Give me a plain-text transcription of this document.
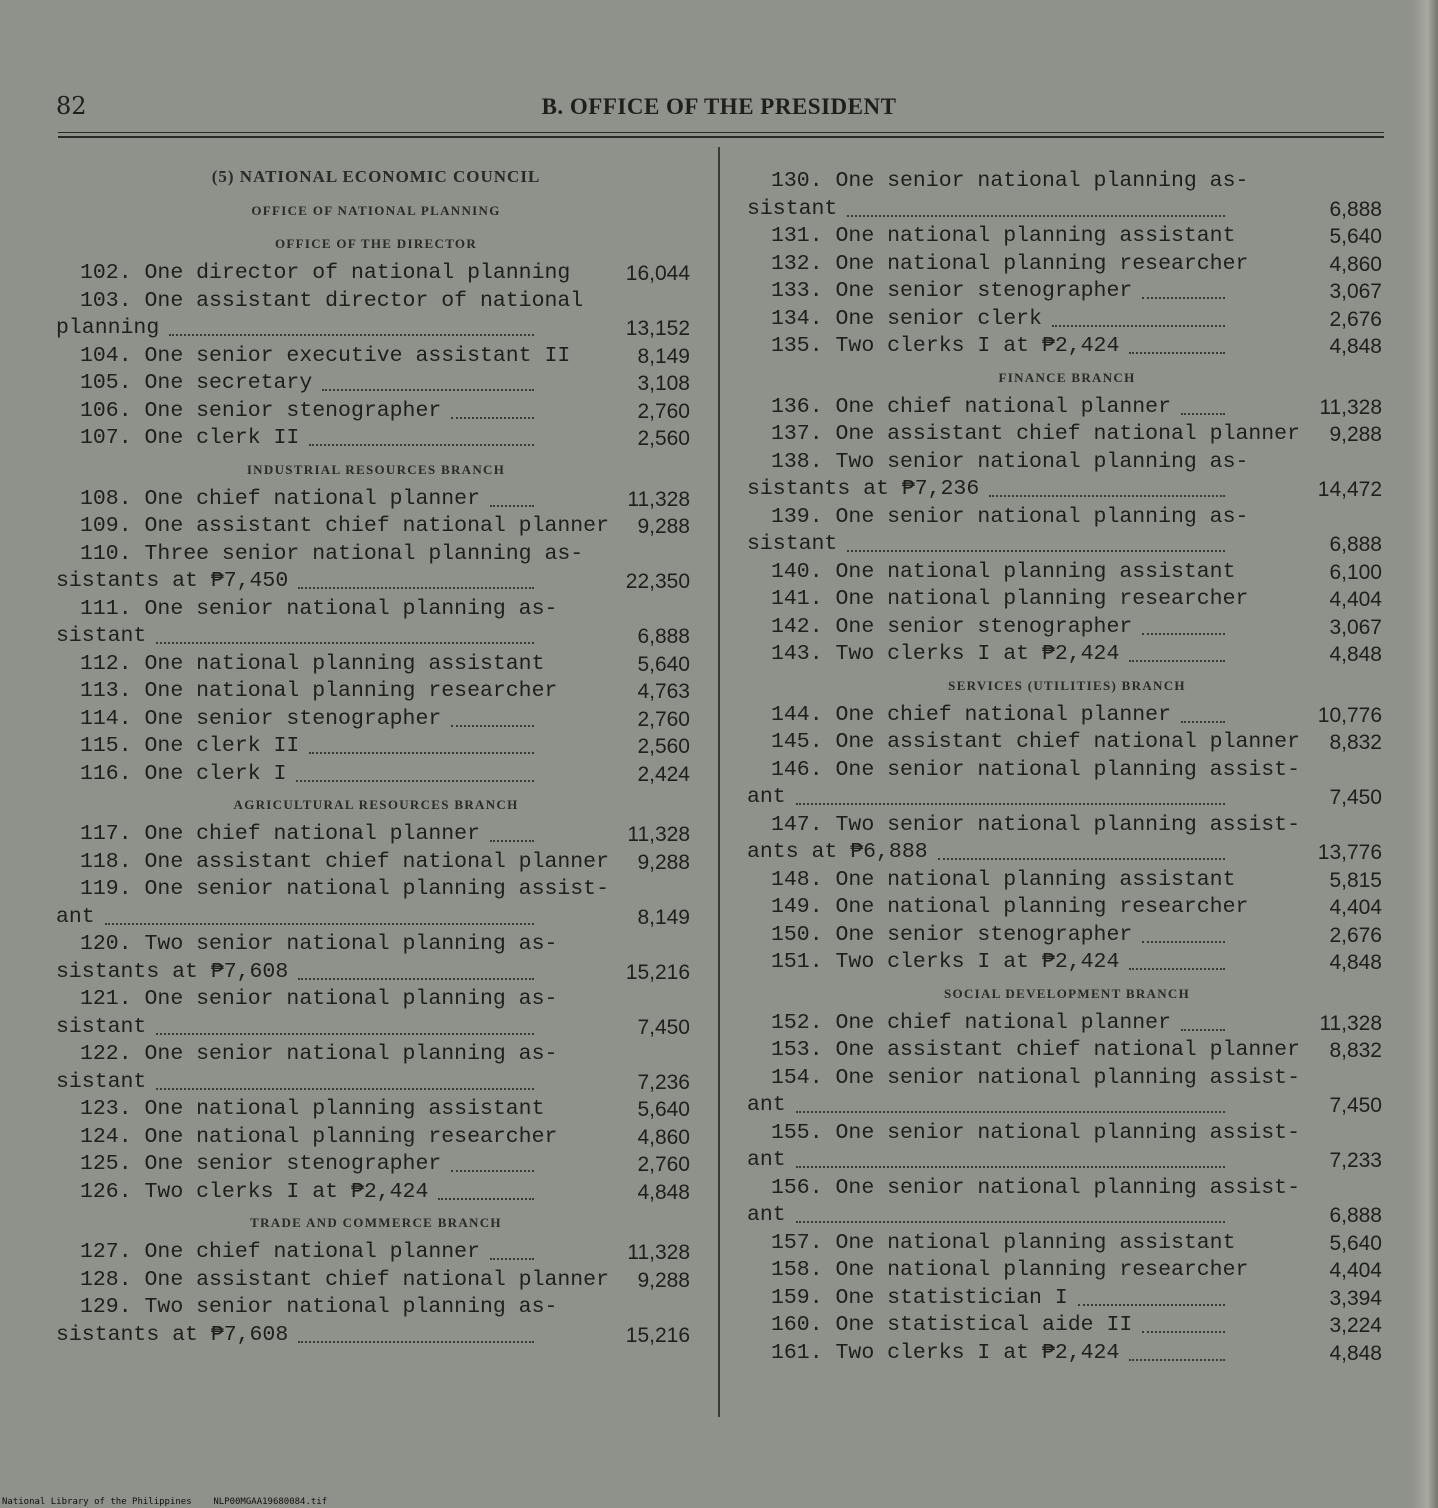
82	B. OFFICE OF THE PRESIDENT
(5) NATIONAL ECONOMIC COUNCIL
OFFICE OF NATIONAL PLANNING
OFFICE OF THE DIRECTOR
102. One director of national planning	16,044
103. One assistant director of national
planning	13,152
104. One senior executive assistant II	8,149
105. One secretary	3,108
106. One senior stenographer	2,760
107. One clerk II	2,560
INDUSTRIAL RESOURCES BRANCH
108. One chief national planner	11,328
109. One assistant chief national planner	9,288
110. Three senior national planning as-
sistants at ₱7,450	22,350
111. One senior national planning as-
sistant	6,888
112. One national planning assistant	5,640
113. One national planning researcher	4,763
114. One senior stenographer	2,760
115. One clerk II	2,560
116. One clerk I	2,424
AGRICULTURAL RESOURCES BRANCH
117. One chief national planner	11,328
118. One assistant chief national planner	9,288
119. One senior national planning assist-
ant	8,149
120. Two senior national planning as-
sistants at ₱7,608	15,216
121. One senior national planning as-
sistant	7,450
122. One senior national planning as-
sistant	7,236
123. One national planning assistant	5,640
124. One national planning researcher	4,860
125. One senior stenographer	2,760
126. Two clerks I at ₱2,424	4,848
TRADE AND COMMERCE BRANCH
127. One chief national planner	11,328
128. One assistant chief national planner	9,288
129. Two senior national planning as-
sistants at ₱7,608	15,216
130. One senior national planning as-
sistant	6,888
131. One national planning assistant	5,640
132. One national planning researcher	4,860
133. One senior stenographer	3,067
134. One senior clerk	2,676
135. Two clerks I at ₱2,424	4,848
FINANCE BRANCH
136. One chief national planner	11,328
137. One assistant chief national planner	9,288
138. Two senior national planning as-
sistants at ₱7,236	14,472
139. One senior national planning as-
sistant	6,888
140. One national planning assistant	6,100
141. One national planning researcher	4,404
142. One senior stenographer	3,067
143. Two clerks I at ₱2,424	4,848
SERVICES (UTILITIES) BRANCH
144. One chief national planner	10,776
145. One assistant chief national planner	8,832
146. One senior national planning assist-
ant	7,450
147. Two senior national planning assist-
ants at ₱6,888	13,776
148. One national planning assistant	5,815
149. One national planning researcher	4,404
150. One senior stenographer	2,676
151. Two clerks I at ₱2,424	4,848
SOCIAL DEVELOPMENT BRANCH
152. One chief national planner	11,328
153. One assistant chief national planner	8,832
154. One senior national planning assist-
ant	7,450
155. One senior national planning assist-
ant	7,233
156. One senior national planning assist-
ant	6,888
157. One national planning assistant	5,640
158. One national planning researcher	4,404
159. One statistician I	3,394
160. One statistical aide II	3,224
161. Two clerks I at ₱2,424	4,848
National Library of the Philippines NLP00MGAA19680084.tif
